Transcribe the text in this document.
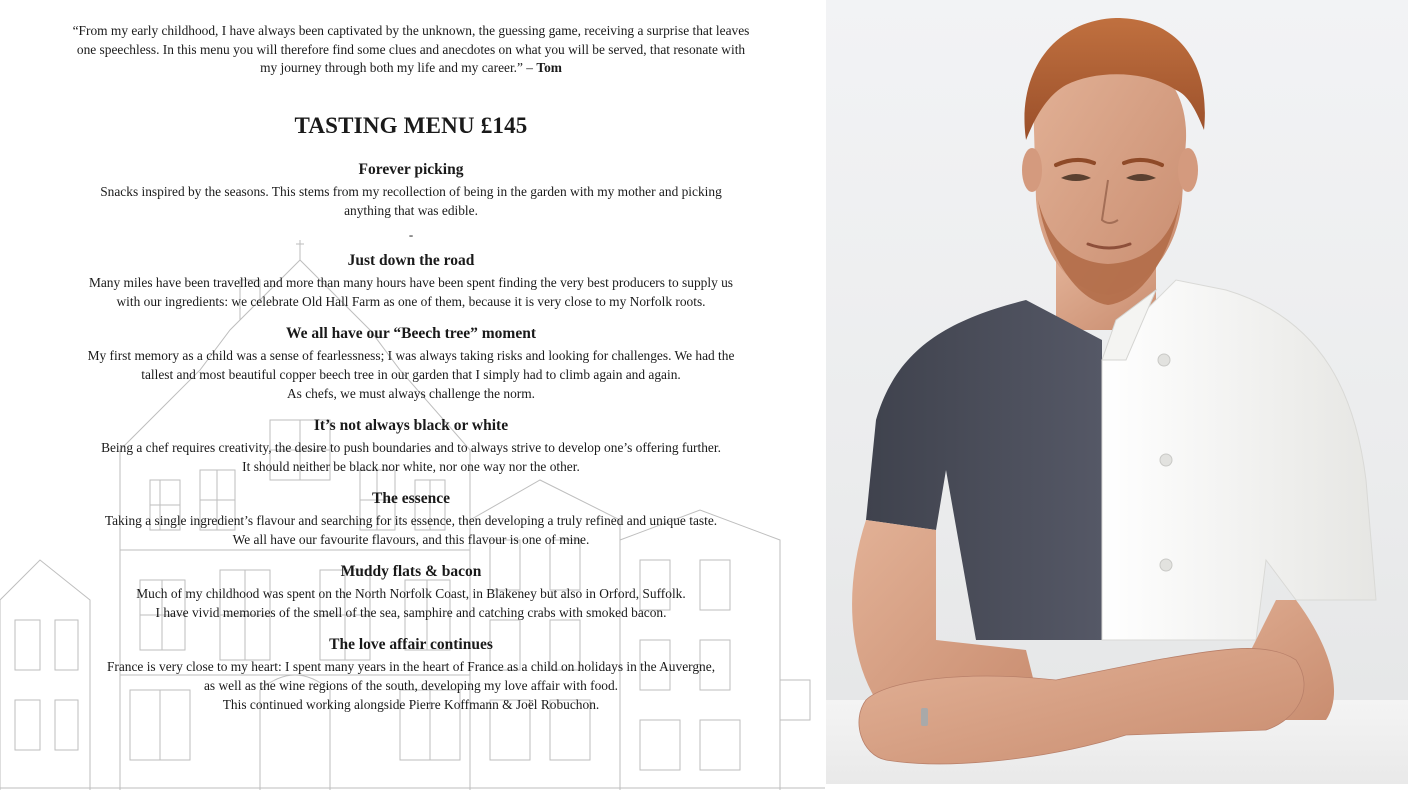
“From my early childhood, I have always been captivated by the unknown, the guessing game, receiving a surprise that leaves
one speechless. In this menu you will therefore find some clues and anecdotes on what you will be served, that resonate with
my journey through both my life and my career.” – Tom

TASTING MENU £145
Forever picking

Snacks inspired by the seasons. This stems from my recollection of being in the garden with my mother and picking
anything that was edible.

-

Just down the road

Many miles have been travelled and more than many hours have been spent finding the very best producers to supply us
with our ingredients: we celebrate Old Hall Farm as one of them, because it is very close to my Norfolk roots.

We all have our “Beech tree” moment

My first memory as a child was a sense of fearlessness; I was always taking risks and looking for challenges. We had the
tallest and most beautiful copper beech tree in our garden that I simply had to climb again and again.
As chefs, we must always challenge the norm.

It’s not always black or white

Being a chef requires creativity, the desire to push boundaries and to always strive to develop one’s offering further.
It should neither be black nor white, nor one way nor the other.

The essence

Taking a single ingredient’s flavour and searching for its essence, then developing a truly refined and unique taste.
We all have our favourite flavours, and this flavour is one of mine.

Muddy flats & bacon

Much of my childhood was spent on the North Norfolk Coast, in Blakeney but also in Orford, Suffolk.
I have vivid memories of the smell of the sea, samphire and catching crabs with smoked bacon.

The love affair continues

France is very close to my heart: I spent many years in the heart of France as a child on holidays in the Auvergne,
as well as the wine regions of the south, developing my love affair with food.
This continued working alongside Pierre Koffmann & Joël Robuchon.
